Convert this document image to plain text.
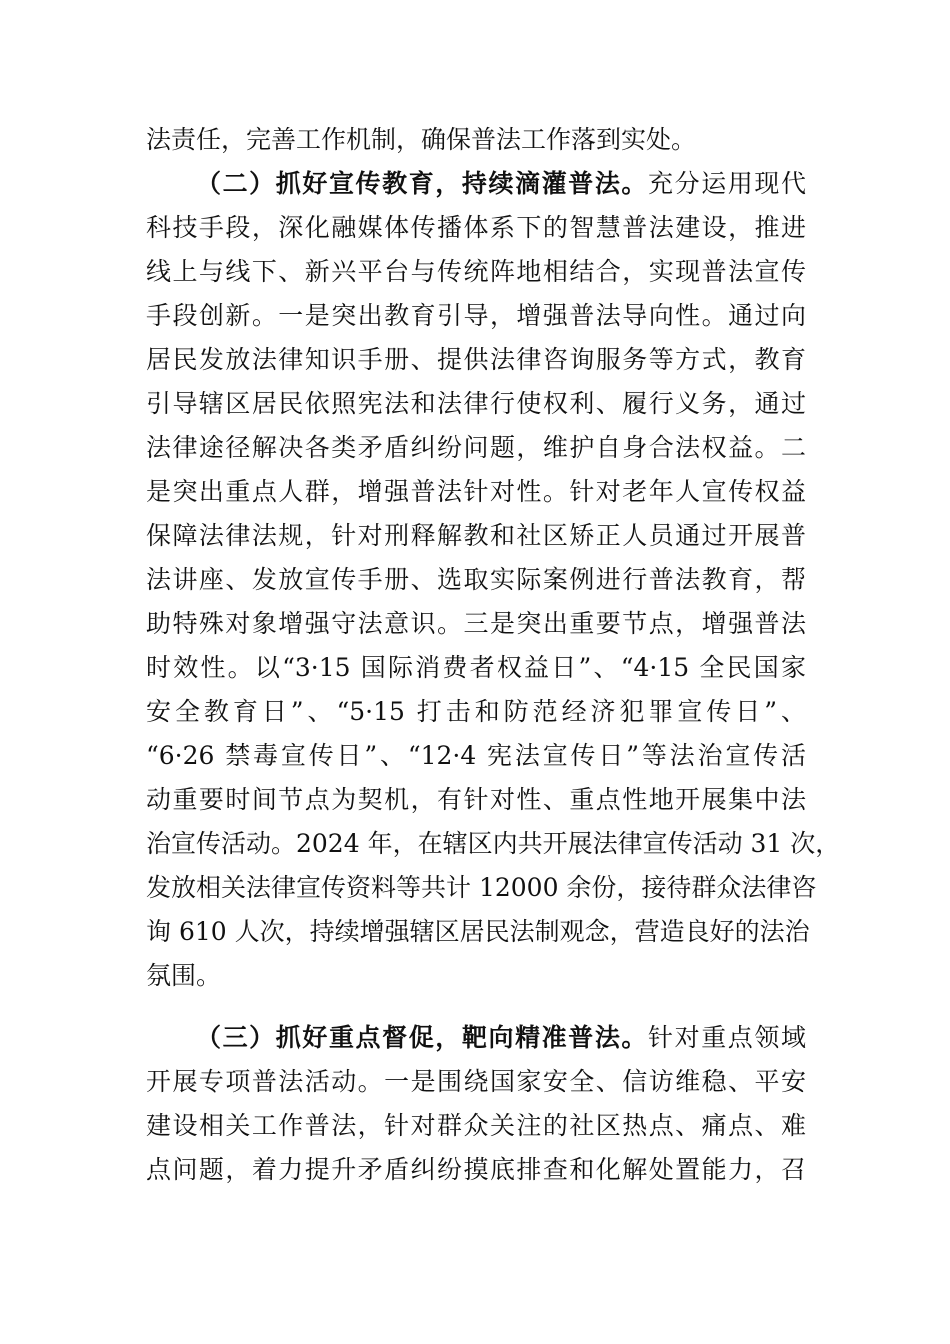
法责任，完善工作机制，确保普法工作落到实处。
（二）抓好宣传教育，持续滴灌普法。充分运用现代
科技手段，深化融媒体传播体系下的智慧普法建设，推进
线上与线下、新兴平台与传统阵地相结合，实现普法宣传
手段创新。一是突出教育引导，增强普法导向性。通过向
居民发放法律知识手册、提供法律咨询服务等方式，教育
引导辖区居民依照宪法和法律行使权利、履行义务，通过
法律途径解决各类矛盾纠纷问题，维护自身合法权益。二
是突出重点人群，增强普法针对性。针对老年人宣传权益
保障法律法规，针对刑释解教和社区矫正人员通过开展普
法讲座、发放宣传手册、选取实际案例进行普法教育，帮
助特殊对象增强守法意识。三是突出重要节点，增强普法
时效性。以“3·15 国际消费者权益日”、“4·15 全民国家
安全教育日”、“5·15 打击和防范经济犯罪宣传日”、
“6·26 禁毒宣传日”、“12·4 宪法宣传日”等法治宣传活
动重要时间节点为契机，有针对性、重点性地开展集中法
治宣传活动。2024 年，在辖区内共开展法律宣传活动 31 次，
发放相关法律宣传资料等共计 12000 余份，接待群众法律咨
询 610 人次，持续增强辖区居民法制观念，营造良好的法治
氛围。
（三）抓好重点督促，靶向精准普法。针对重点领域
开展专项普法活动。一是围绕国家安全、信访维稳、平安
建设相关工作普法，针对群众关注的社区热点、痛点、难
点问题，着力提升矛盾纠纷摸底排查和化解处置能力，召
